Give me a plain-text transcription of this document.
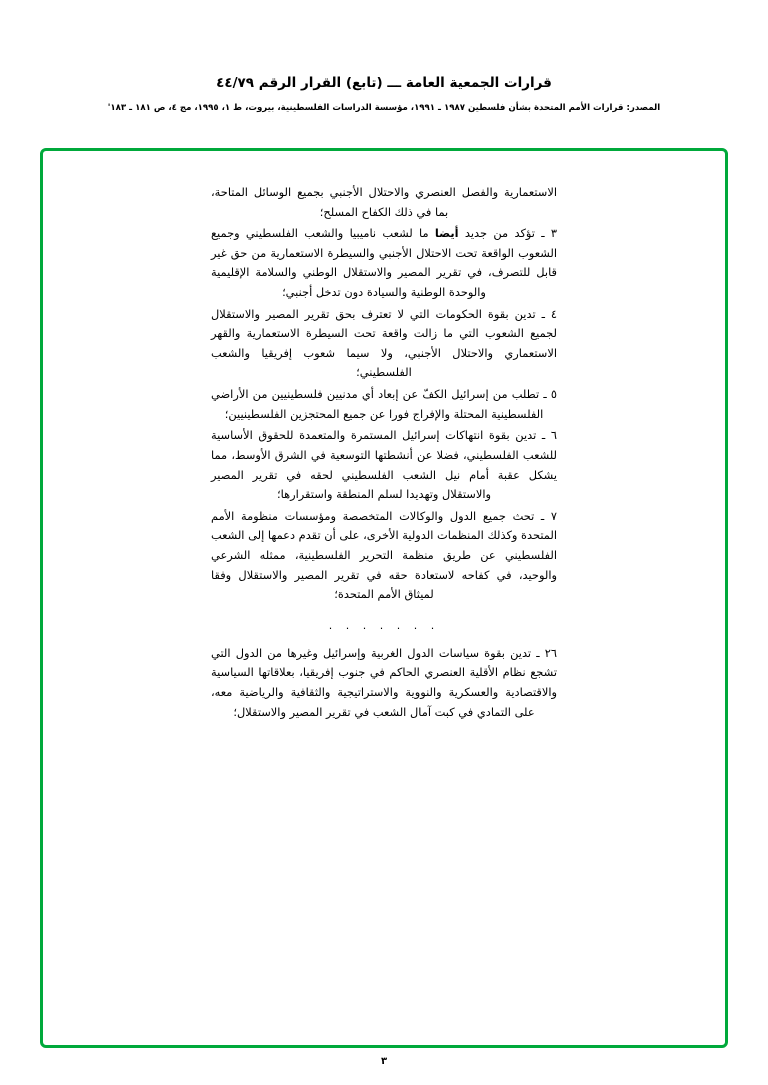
قرارات الجمعية العامة ـــ (تابع) القرار الرقم ٤٤/٧٩
المصدر: قرارات الأمم المتحدة بشأن فلسطين ١٩٨٧ ـ ١٩٩١، مؤسسة الدراسات الفلسطينية، بيروت، ط ١، ١٩٩٥، مج ٤، ص ١٨١ ـ ١٨٣'

الاستعمارية والفصل العنصري والاحتلال الأجنبي بجميع الوسائل المتاحة، بما في ذلك الكفاح المسلح؛

٣ ـ تؤكد من جديد أيضا ما لشعب ناميبيا والشعب الفلسطيني وجميع الشعوب الواقعة تحت الاحتلال الأجنبي والسيطرة الاستعمارية من حق غير قابل للتصرف، في تقرير المصير والاستقلال الوطني والسلامة الإقليمية والوحدة الوطنية والسيادة دون تدخل أجنبي؛

٤ ـ تدين بقوة الحكومات التي لا تعترف بحق تقرير المصير والاستقلال لجميع الشعوب التي ما زالت واقعة تحت السيطرة الاستعمارية والقهر الاستعماري والاحتلال الأجنبي، ولا سيما شعوب إفريقيا والشعب الفلسطيني؛

٥ ـ تطلب من إسرائيل الكفّ عن إبعاد أي مدنيين فلسطينيين من الأراضي الفلسطينية المحتلة والإفراج فورا عن جميع المحتجزين الفلسطينيين؛

٦ ـ تدين بقوة انتهاكات إسرائيل المستمرة والمتعمدة للحقوق الأساسية للشعب الفلسطيني، فضلا عن أنشطتها التوسعية في الشرق الأوسط، مما يشكل عقبة أمام نيل الشعب الفلسطيني لحقه في تقرير المصير والاستقلال وتهديدا لسلم المنطقة واستقرارها؛

٧ ـ تحث جميع الدول والوكالات المتخصصة ومؤسسات منظومة الأمم المتحدة وكذلك المنظمات الدولية الأخرى، على أن تقدم دعمها إلى الشعب الفلسطيني عن طريق منظمة التحرير الفلسطينية، ممثله الشرعي والوحيد، في كفاحه لاستعادة حقه في تقرير المصير والاستقلال وفقا لميثاق الأمم المتحدة؛

. . . . . . .

٢٦ ـ تدين بقوة سياسات الدول الغربية وإسرائيل وغيرها من الدول التي تشجع نظام الأقلية العنصري الحاكم في جنوب إفريقيا، بعلاقاتها السياسية والاقتصادية والعسكرية والنووية والاستراتيجية والثقافية والرياضية معه، على التمادي في كبت آمال الشعب في تقرير المصير والاستقلال؛

٣
